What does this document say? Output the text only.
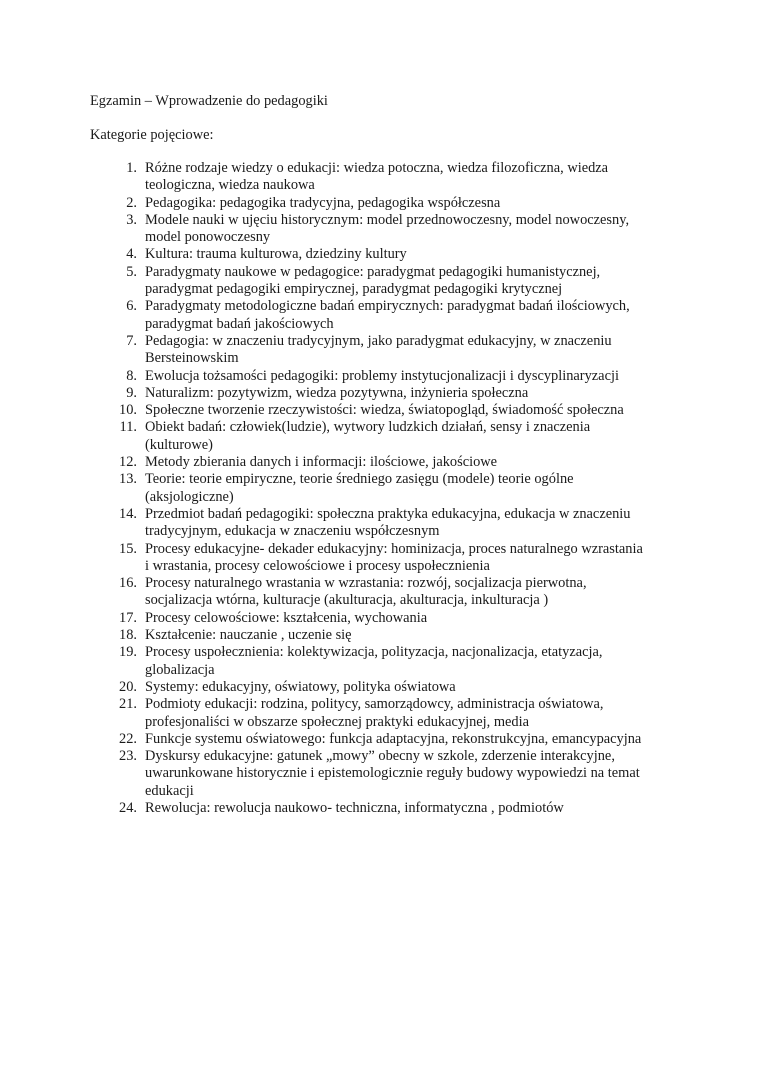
Egzamin – Wprowadzenie do pedagogiki
Kategorie pojęciowe:
1. Różne rodzaje wiedzy o edukacji: wiedza potoczna, wiedza filozoficzna, wiedza
teologiczna, wiedza naukowa
2. Pedagogika: pedagogika tradycyjna, pedagogika współczesna
3. Modele nauki w ujęciu historycznym: model przednowoczesny, model nowoczesny,
model ponowoczesny
4. Kultura: trauma kulturowa, dziedziny kultury
5. Paradygmaty naukowe w pedagogice: paradygmat pedagogiki humanistycznej,
paradygmat pedagogiki empirycznej, paradygmat pedagogiki krytycznej
6. Paradygmaty metodologiczne badań empirycznych: paradygmat badań ilościowych,
paradygmat badań jakościowych
7. Pedagogia: w znaczeniu tradycyjnym, jako paradygmat edukacyjny, w znaczeniu
Bersteinowskim
8. Ewolucja tożsamości pedagogiki: problemy instytucjonalizacji i dyscyplinaryzacji
9. Naturalizm: pozytywizm, wiedza pozytywna, inżynieria społeczna
10. Społeczne tworzenie rzeczywistości: wiedza, światopogląd, świadomość społeczna
11. Obiekt badań: człowiek(ludzie), wytwory ludzkich działań, sensy i znaczenia
(kulturowe)
12. Metody zbierania danych i informacji: ilościowe, jakościowe
13. Teorie: teorie empiryczne, teorie średniego zasięgu (modele) teorie ogólne
(aksjologiczne)
14. Przedmiot badań pedagogiki: społeczna praktyka edukacyjna, edukacja w znaczeniu
tradycyjnym, edukacja w znaczeniu współczesnym
15. Procesy edukacyjne- dekader edukacyjny: hominizacja, proces naturalnego wzrastania
i wrastania, procesy celowościowe i procesy uspołecznienia
16. Procesy naturalnego wrastania w wzrastania: rozwój, socjalizacja pierwotna,
socjalizacja wtórna, kulturacje (akulturacja, akulturacja, inkulturacja )
17. Procesy celowościowe: kształcenia, wychowania
18. Kształcenie: nauczanie , uczenie się
19. Procesy uspołecznienia: kolektywizacja, polityzacja, nacjonalizacja, etatyzacja,
globalizacja
20. Systemy: edukacyjny, oświatowy, polityka oświatowa
21. Podmioty edukacji: rodzina, politycy, samorządowcy, administracja oświatowa,
profesjonaliści w obszarze społecznej praktyki edukacyjnej, media
22. Funkcje systemu oświatowego: funkcja adaptacyjna, rekonstrukcyjna, emancypacyjna
23. Dyskursy edukacyjne: gatunek „mowy” obecny w szkole, zderzenie interakcyjne,
uwarunkowane historycznie i epistemologicznie reguły budowy wypowiedzi na temat
edukacji
24. Rewolucja: rewolucja naukowo- techniczna, informatyczna , podmiotów
